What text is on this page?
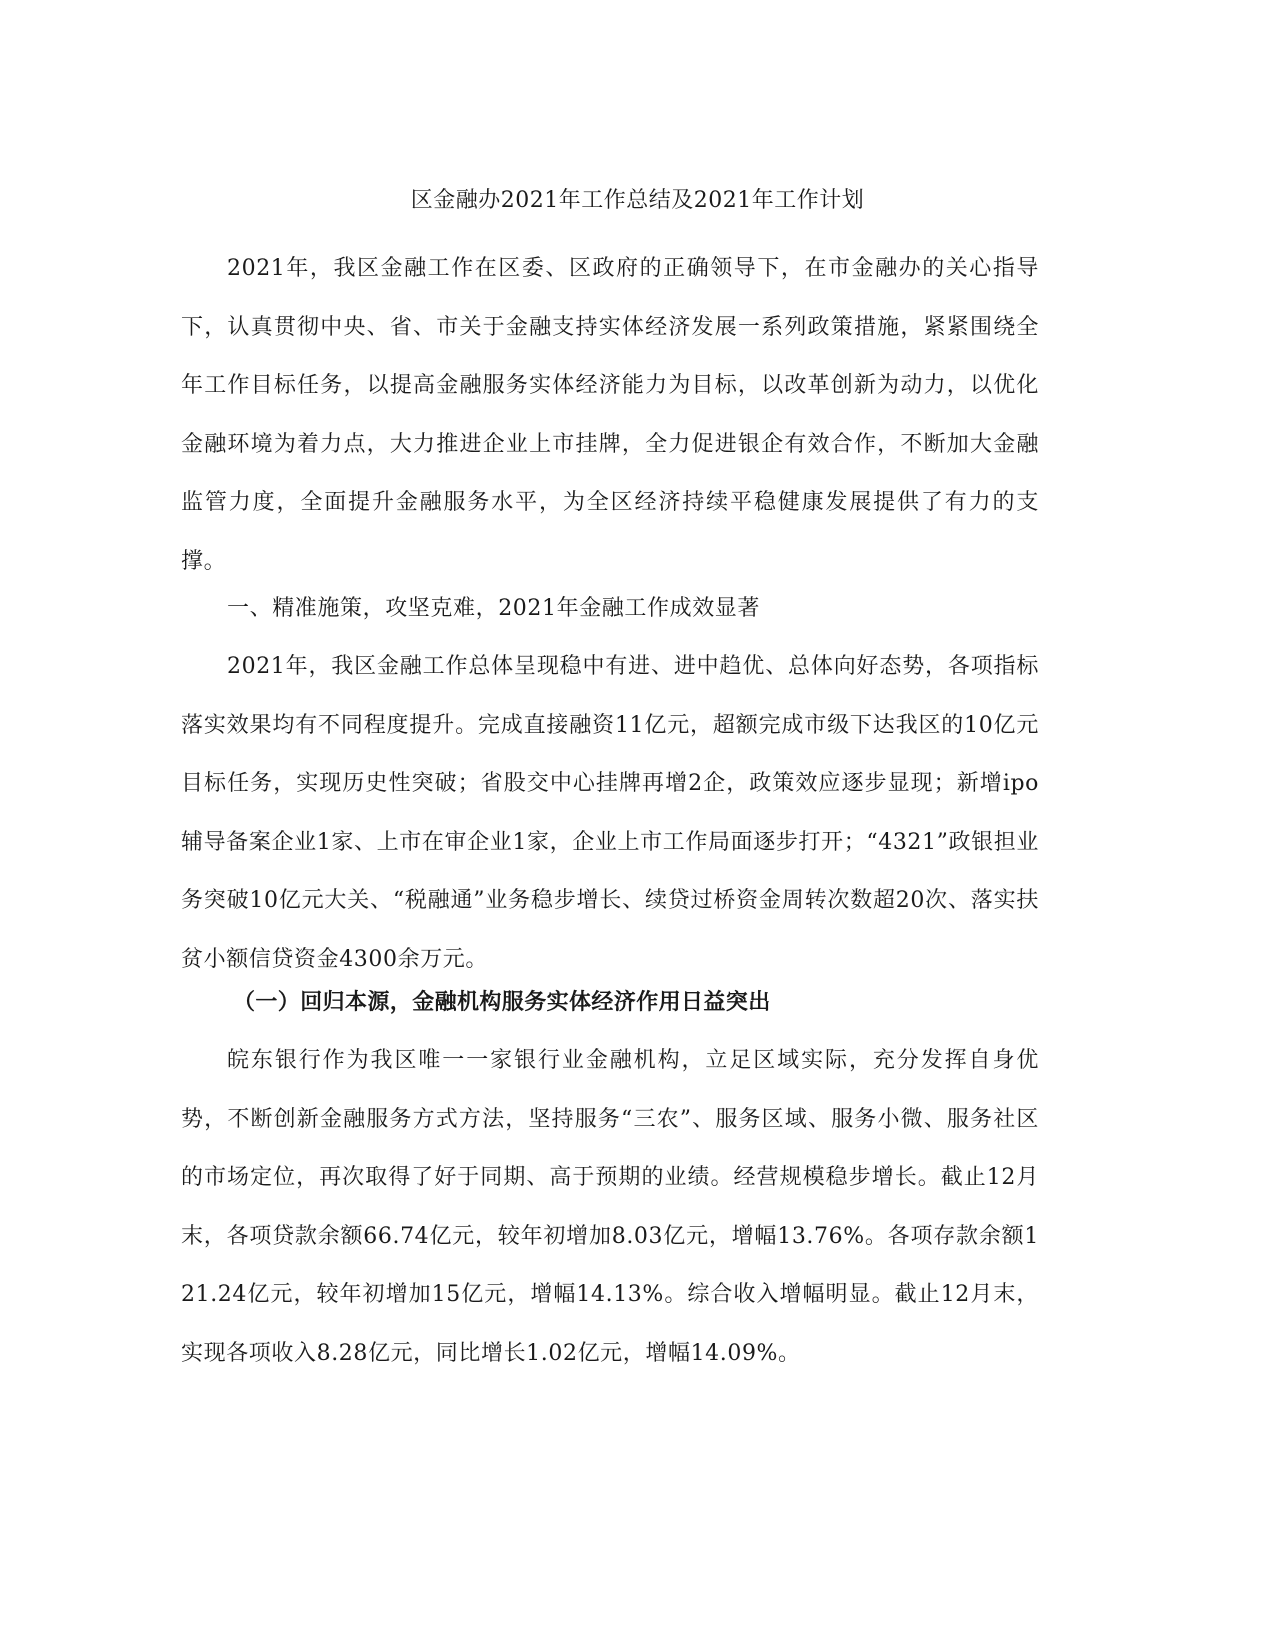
区金融办2021年工作总结及2021年工作计划

2021年，我区金融工作在区委、区政府的正确领导下，在市金融办的关心指导下，认真贯彻中央、省、市关于金融支持实体经济发展一系列政策措施，紧紧围绕全年工作目标任务，以提高金融服务实体经济能力为目标，以改革创新为动力，以优化金融环境为着力点，大力推进企业上市挂牌，全力促进银企有效合作，不断加大金融监管力度，全面提升金融服务水平，为全区经济持续平稳健康发展提供了有力的支撑。

一、精准施策，攻坚克难，2021年金融工作成效显著

2021年，我区金融工作总体呈现稳中有进、进中趋优、总体向好态势，各项指标落实效果均有不同程度提升。完成直接融资11亿元，超额完成市级下达我区的10亿元目标任务，实现历史性突破；省股交中心挂牌再增2企，政策效应逐步显现；新增ipo辅导备案企业1家、上市在审企业1家，企业上市工作局面逐步打开；“4321”政银担业务突破10亿元大关、“税融通”业务稳步增长、续贷过桥资金周转次数超20次、落实扶贫小额信贷资金4300余万元。

（一）回归本源，金融机构服务实体经济作用日益突出

皖东银行作为我区唯一一家银行业金融机构，立足区域实际，充分发挥自身优势，不断创新金融服务方式方法，坚持服务“三农”、服务区域、服务小微、服务社区的市场定位，再次取得了好于同期、高于预期的业绩。经营规模稳步增长。截止12月末，各项贷款余额66.74亿元，较年初增加8.03亿元，增幅13.76%。各项存款余额121.24亿元，较年初增加15亿元，增幅14.13%。综合收入增幅明显。截止12月末，实现各项收入8.28亿元，同比增长1.02亿元，增幅14.09%。
